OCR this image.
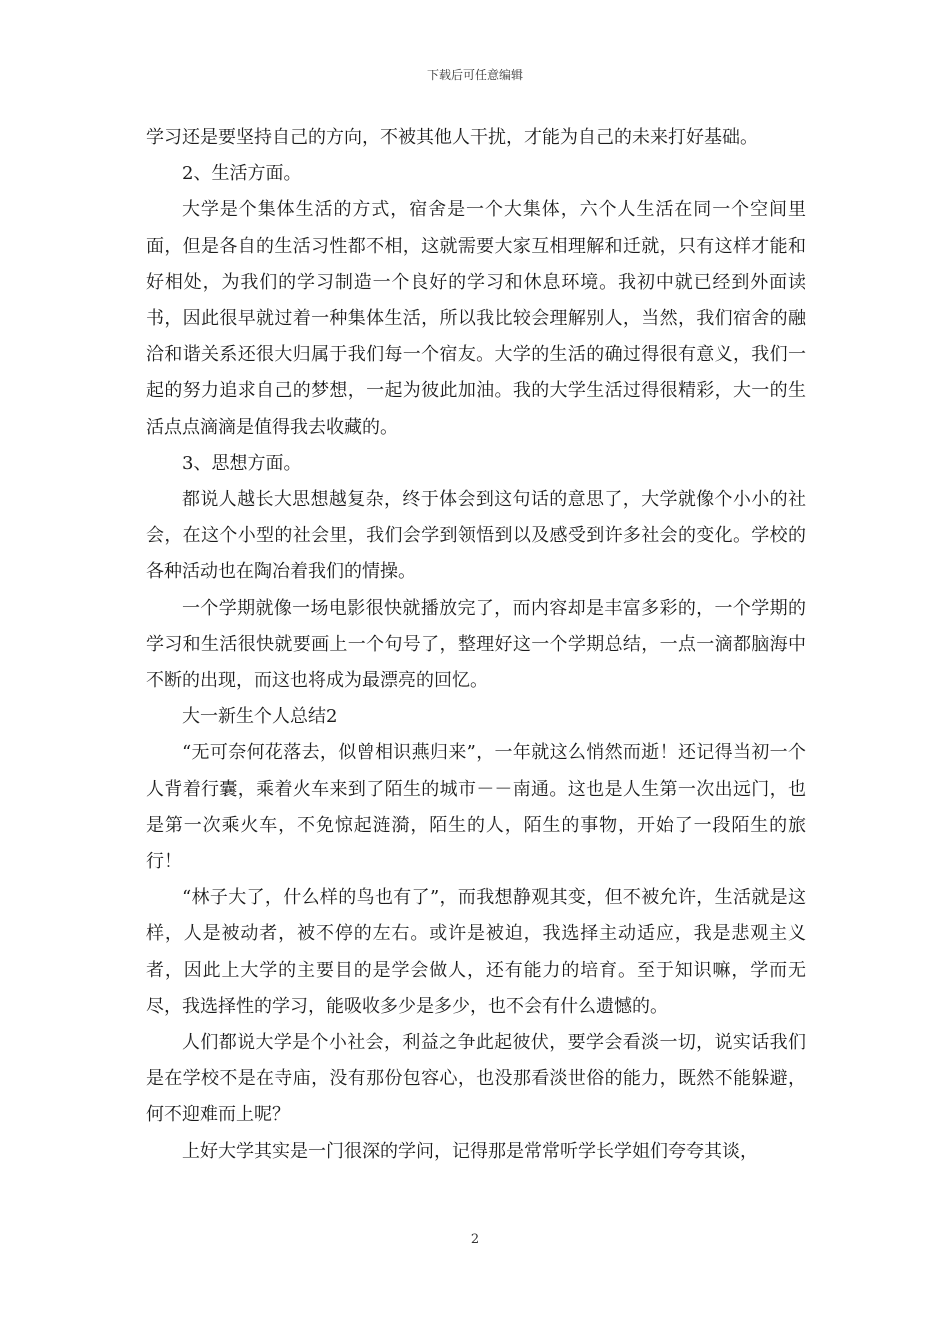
下载后可任意编辑

学习还是要坚持自己的方向，不被其他人干扰，才能为自己的未来打好基础。

2、生活方面。

大学是个集体生活的方式，宿舍是一个大集体，六个人生活在同一个空间里面，但是各自的生活习性都不相，这就需要大家互相理解和迁就，只有这样才能和好相处，为我们的学习制造一个良好的学习和休息环境。我初中就已经到外面读书，因此很早就过着一种集体生活，所以我比较会理解别人，当然，我们宿舍的融洽和谐关系还很大归属于我们每一个宿友。大学的生活的确过得很有意义，我们一起的努力追求自己的梦想，一起为彼此加油。我的大学生活过得很精彩，大一的生活点点滴滴是值得我去收藏的。

3、思想方面。

都说人越长大思想越复杂，终于体会到这句话的意思了，大学就像个小小的社会，在这个小型的社会里，我们会学到领悟到以及感受到许多社会的变化。学校的各种活动也在陶冶着我们的情操。

一个学期就像一场电影很快就播放完了，而内容却是丰富多彩的，一个学期的学习和生活很快就要画上一个句号了，整理好这一个学期总结，一点一滴都脑海中不断的出现，而这也将成为最漂亮的回忆。

大一新生个人总结2

“无可奈何花落去，似曾相识燕归来”，一年就这么悄然而逝！还记得当初一个人背着行囊，乘着火车来到了陌生的城市－－南通。这也是人生第一次出远门，也是第一次乘火车，不免惊起涟漪，陌生的人，陌生的事物，开始了一段陌生的旅行！

“林子大了，什么样的鸟也有了”，而我想静观其变，但不被允许，生活就是这样，人是被动者，被不停的左右。或许是被迫，我选择主动适应，我是悲观主义者，因此上大学的主要目的是学会做人，还有能力的培育。至于知识嘛，学而无尽，我选择性的学习，能吸收多少是多少，也不会有什么遗憾的。

人们都说大学是个小社会，利益之争此起彼伏，要学会看淡一切，说实话我们是在学校不是在寺庙，没有那份包容心，也没那看淡世俗的能力，既然不能躲避，何不迎难而上呢？

上好大学其实是一门很深的学问，记得那是常常听学长学姐们夸夸其谈，

2
